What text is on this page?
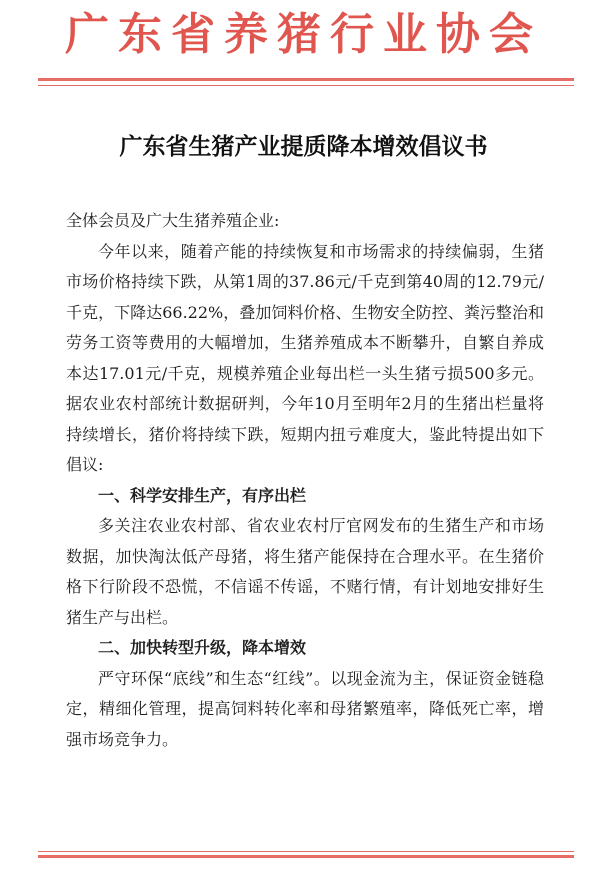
广东省养猪行业协会
广东省生猪产业提质降本增效倡议书

全体会员及广大生猪养殖企业:

今年以来，随着产能的持续恢复和市场需求的持续偏弱，生猪市场价格持续下跌，从第1周的37.86元/千克到第40周的12.79元/千克，下降达66.22%，叠加饲料价格、生物安全防控、粪污整治和劳务工资等费用的大幅增加，生猪养殖成本不断攀升，自繁自养成本达17.01元/千克，规模养殖企业每出栏一头生猪亏损500多元。据农业农村部统计数据研判，今年10月至明年2月的生猪出栏量将持续增长，猪价将持续下跌，短期内扭亏难度大，鉴此特提出如下倡议:

一、科学安排生产，有序出栏

多关注农业农村部、省农业农村厅官网发布的生猪生产和市场数据，加快淘汰低产母猪，将生猪产能保持在合理水平。在生猪价格下行阶段不恐慌，不信谣不传谣，不赌行情，有计划地安排好生猪生产与出栏。

二、加快转型升级，降本增效

严守环保“底线”和生态“红线”。以现金流为主，保证资金链稳定，精细化管理，提高饲料转化率和母猪繁殖率，降低死亡率，增强市场竞争力。
